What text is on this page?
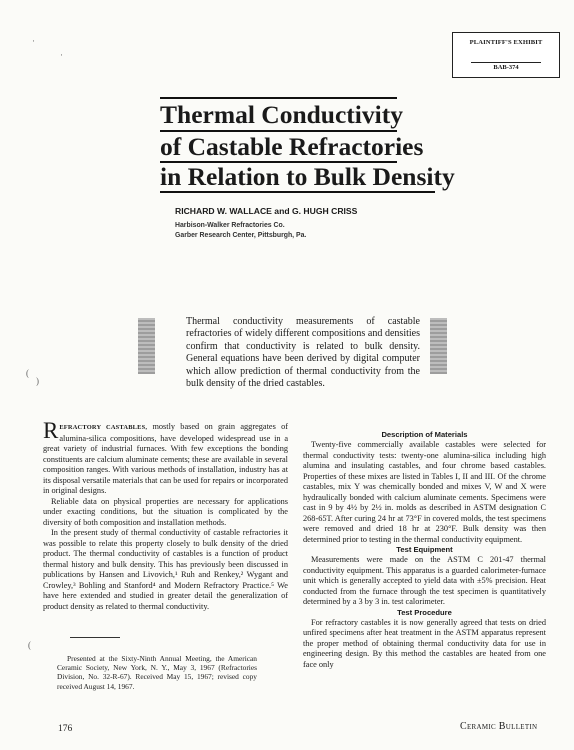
·
·
(
)
(
PLAINTIFF'S EXHIBIT
BAB-374
Thermal Conductivity
of Castable Refractories
in Relation to Bulk Density
RICHARD W. WALLACE and G. HUGH CRISS
Harbison-Walker Refractories Co.
Garber Research Center, Pittsburgh, Pa.
Thermal conductivity measurements of castable refractories of widely different compositions and densities confirm that conductivity is related to bulk density. General equations have been derived by digital computer which allow prediction of thermal conductivity from the bulk density of the dried castables.

REFRACTORY CASTABLES, mostly based on grain aggregates of alumina-silica compositions, have developed widespread use in a great variety of industrial furnaces. With few exceptions the bonding constituents are calcium aluminate cements; these are available in several composition ranges. With various methods of installation, industry has at its disposal versatile materials that can be used for repairs or incorporated in original designs.

Reliable data on physical properties are necessary for applications under exacting conditions, but the situation is complicated by the diversity of both composition and installation methods.

In the present study of thermal conductivity of castable refractories it was possible to relate this property closely to bulk density of the dried product. The thermal conductivity of castables is a function of product thermal history and bulk density. This has previously been discussed in publications by Hansen and Livovich,¹ Ruh and Renkey,² Wygant and Crowley,³ Bohling and Stanford⁴ and Modern Refractory Practice.⁵ We have here extended and studied in greater detail the generalization of product density as related to thermal conductivity.

Presented at the Sixty-Ninth Annual Meeting, the American Ceramic Society, New York, N. Y., May 3, 1967 (Refractories Division, No. 32-R-67). Received May 15, 1967; revised copy received August 14, 1967.

Description of Materials

Twenty-five commercially available castables were selected for thermal conductivity tests: twenty-one alumina-silica including high alumina and insulating castables, and four chrome based castables. Properties of these mixes are listed in Tables I, II and III. Of the chrome castables, mix Y was chemically bonded and mixes V, W and X were hydraulically bonded with calcium aluminate cements. Specimens were cast in 9 by 4½ by 2½ in. molds as described in ASTM designation C 268-65T. After curing 24 hr at 73°F in covered molds, the test specimens were removed and dried 18 hr at 230°F. Bulk density was then determined prior to testing in the thermal conductivity equipment.

Test Equipment

Measurements were made on the ASTM C 201-47 thermal conductivity equipment. This apparatus is a guarded calorimeter-furnace unit which is generally accepted to yield data with ±5% precision. Heat conducted from the furnace through the test specimen is quantitatively determined by a 3 by 3 in. test calorimeter.

Test Procedure

For refractory castables it is now generally agreed that tests on dried unfired specimens after heat treatment in the ASTM apparatus represent the proper method of obtaining thermal conductivity data for use in engineering design. By this method the castables are heated from one face only

176	Ceramic Bulletin
